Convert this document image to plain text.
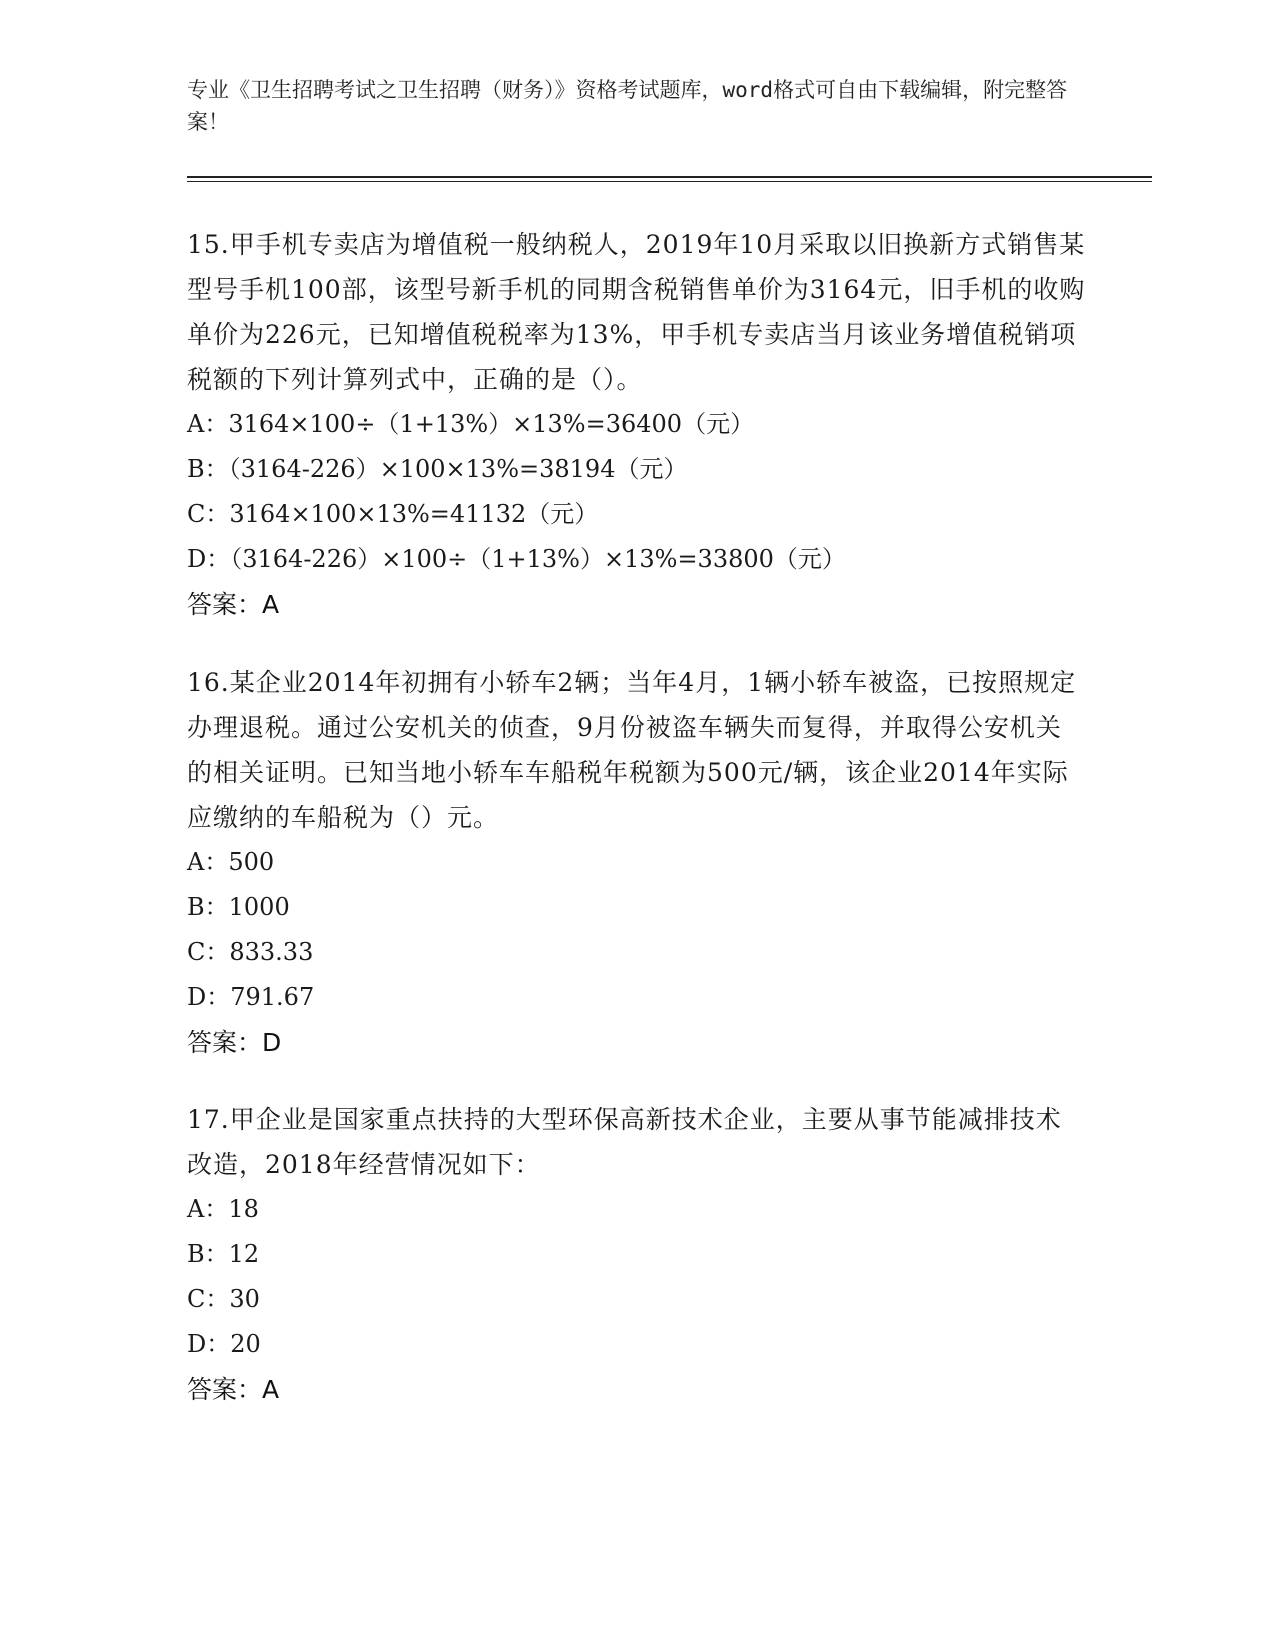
专业《卫生招聘考试之卫生招聘（财务）》资格考试题库，word格式可自由下载编辑，附完整答案！

15.甲手机专卖店为增值税一般纳税人，2019年10月采取以旧换新方式销售某型号手机100部，该型号新手机的同期含税销售单价为3164元，旧手机的收购单价为226元，已知增值税税率为13%，甲手机专卖店当月该业务增值税销项税额的下列计算列式中，正确的是（）。

A：3164×100÷（1+13%）×13%=36400（元）

B：（3164-226）×100×13%=38194（元）

C：3164×100×13%=41132（元）

D：（3164-226）×100÷（1+13%）×13%=33800（元）

答案：A

16.某企业2014年初拥有小轿车2辆；当年4月，1辆小轿车被盗，已按照规定办理退税。通过公安机关的侦查，9月份被盗车辆失而复得，并取得公安机关的相关证明。已知当地小轿车车船税年税额为500元/辆，该企业2014年实际应缴纳的车船税为（）元。

A：500

B：1000

C：833.33

D：791.67

答案：D

17.甲企业是国家重点扶持的大型环保高新技术企业，主要从事节能减排技术改造，2018年经营情况如下：

A：18

B：12

C：30

D：20

答案：A
